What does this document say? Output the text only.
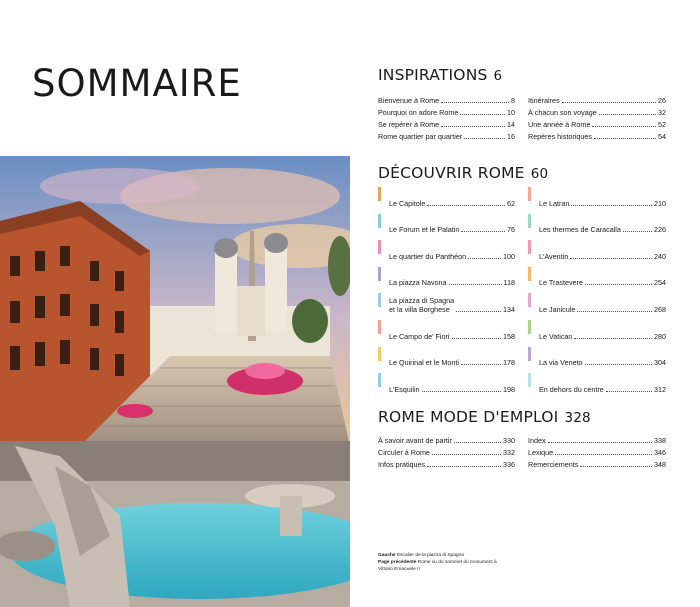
SOMMAIRE	INSPIRATIONS 6
Bienvenue à Rome	8
Pourquoi on adore Rome	10
Se repérer à Rome	14
Rome quartier par quartier	16
Itinéraires	26
À chacun son voyage	32
Une année à Rome	52
Repères historiques	54
DÉCOUVRIR ROME 60
Le Capitole	62
Le Forum et le Palatin	76
Le quartier du Panthéon	100
La piazza Navona	118
La piazza di Spagna
et la villa Borghese	134
Le Campo de' Fiori	158
Le Quirinal et le Monti	178
L'Esquilin	198
Le Latran	210
Les thermes de Caracalla	226
L'Aventin	240
Le Trastevere	254
Le Janicule	268
Le Vatican	280
La via Veneto	304
En dehors du centre	312
ROME MODE D'EMPLOI 328
À savoir avant de partir	330
Circuler à Rome	332
Infos pratiques	336
Index	338
Lexique	346
Remerciements	348
Gauche Escalier de la piazza di Spagna
Page précédente Rome vu du sommet du monument à Vittorio Emanuele II
